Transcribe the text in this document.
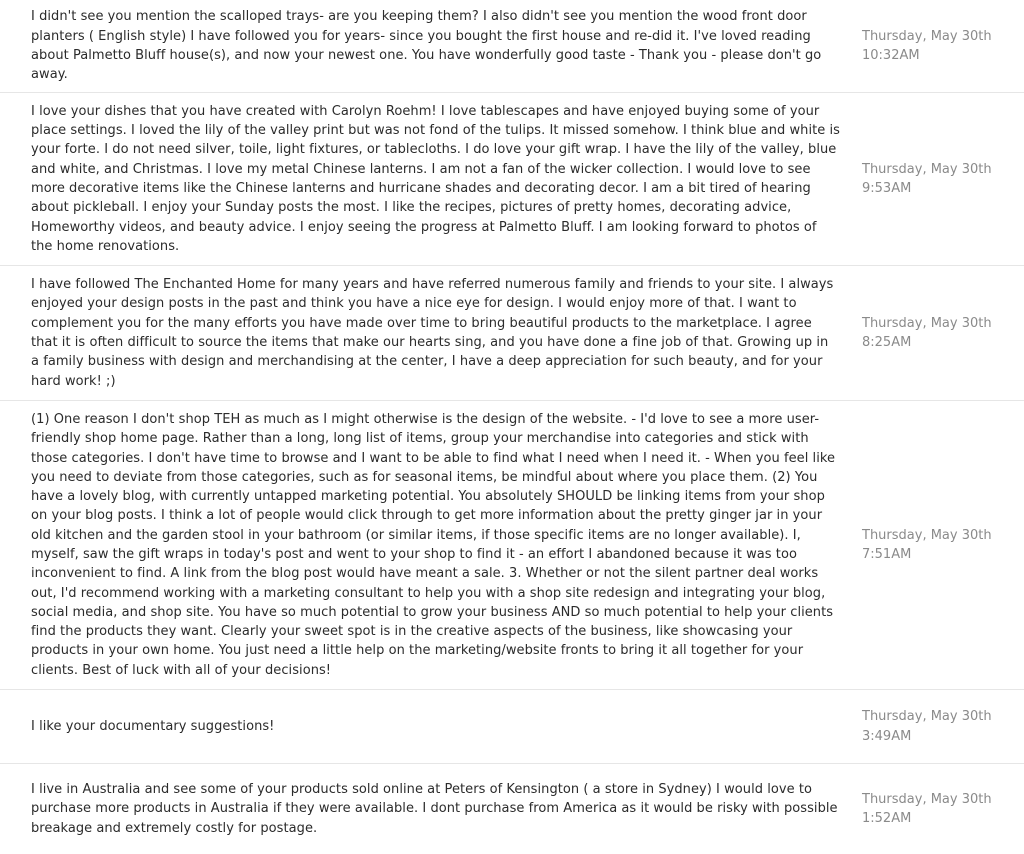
I didn't see you mention the scalloped trays- are you keeping them? I also didn't see you mention the wood front door planters ( English style) I have followed you for years- since you bought the first house and re-did it. I've loved reading about Palmetto Bluff house(s), and now your newest one. You have wonderfully good taste - Thank you - please don't go away.

Thursday, May 30th
10:32AM

I love your dishes that you have created with Carolyn Roehm! I love tablescapes and have enjoyed buying some of your place settings. I loved the lily of the valley print but was not fond of the tulips. It missed somehow. I think blue and white is your forte. I do not need silver, toile, light fixtures, or tablecloths. I do love your gift wrap. I have the lily of the valley, blue and white, and Christmas. I love my metal Chinese lanterns. I am not a fan of the wicker collection. I would love to see more decorative items like the Chinese lanterns and hurricane shades and decorating decor. I am a bit tired of hearing about pickleball. I enjoy your Sunday posts the most. I like the recipes, pictures of pretty homes, decorating advice, Homeworthy videos, and beauty advice. I enjoy seeing the progress at Palmetto Bluff. I am looking forward to photos of the home renovations.

Thursday, May 30th
9:53AM

I have followed The Enchanted Home for many years and have referred numerous family and friends to your site. I always enjoyed your design posts in the past and think you have a nice eye for design. I would enjoy more of that. I want to complement you for the many efforts you have made over time to bring beautiful products to the marketplace. I agree that it is often difficult to source the items that make our hearts sing, and you have done a fine job of that. Growing up in a family business with design and merchandising at the center, I have a deep appreciation for such beauty, and for your hard work! ;)

Thursday, May 30th
8:25AM

(1) One reason I don't shop TEH as much as I might otherwise is the design of the website. - I'd love to see a more user-friendly shop home page. Rather than a long, long list of items, group your merchandise into categories and stick with those categories. I don't have time to browse and I want to be able to find what I need when I need it. - When you feel like you need to deviate from those categories, such as for seasonal items, be mindful about where you place them. (2) You have a lovely blog, with currently untapped marketing potential. You absolutely SHOULD be linking items from your shop on your blog posts. I think a lot of people would click through to get more information about the pretty ginger jar in your old kitchen and the garden stool in your bathroom (or similar items, if those specific items are no longer available). I, myself, saw the gift wraps in today's post and went to your shop to find it - an effort I abandoned because it was too inconvenient to find. A link from the blog post would have meant a sale. 3. Whether or not the silent partner deal works out, I'd recommend working with a marketing consultant to help you with a shop site redesign and integrating your blog, social media, and shop site. You have so much potential to grow your business AND so much potential to help your clients find the products they want. Clearly your sweet spot is in the creative aspects of the business, like showcasing your products in your own home. You just need a little help on the marketing/website fronts to bring it all together for your clients. Best of luck with all of your decisions!

Thursday, May 30th
7:51AM

I like your documentary suggestions!

Thursday, May 30th
3:49AM

I live in Australia and see some of your products sold online at Peters of Kensington ( a store in Sydney) I would love to purchase more products in Australia if they were available. I dont purchase from America as it would be risky with possible breakage and extremely costly for postage.

Thursday, May 30th
1:52AM
